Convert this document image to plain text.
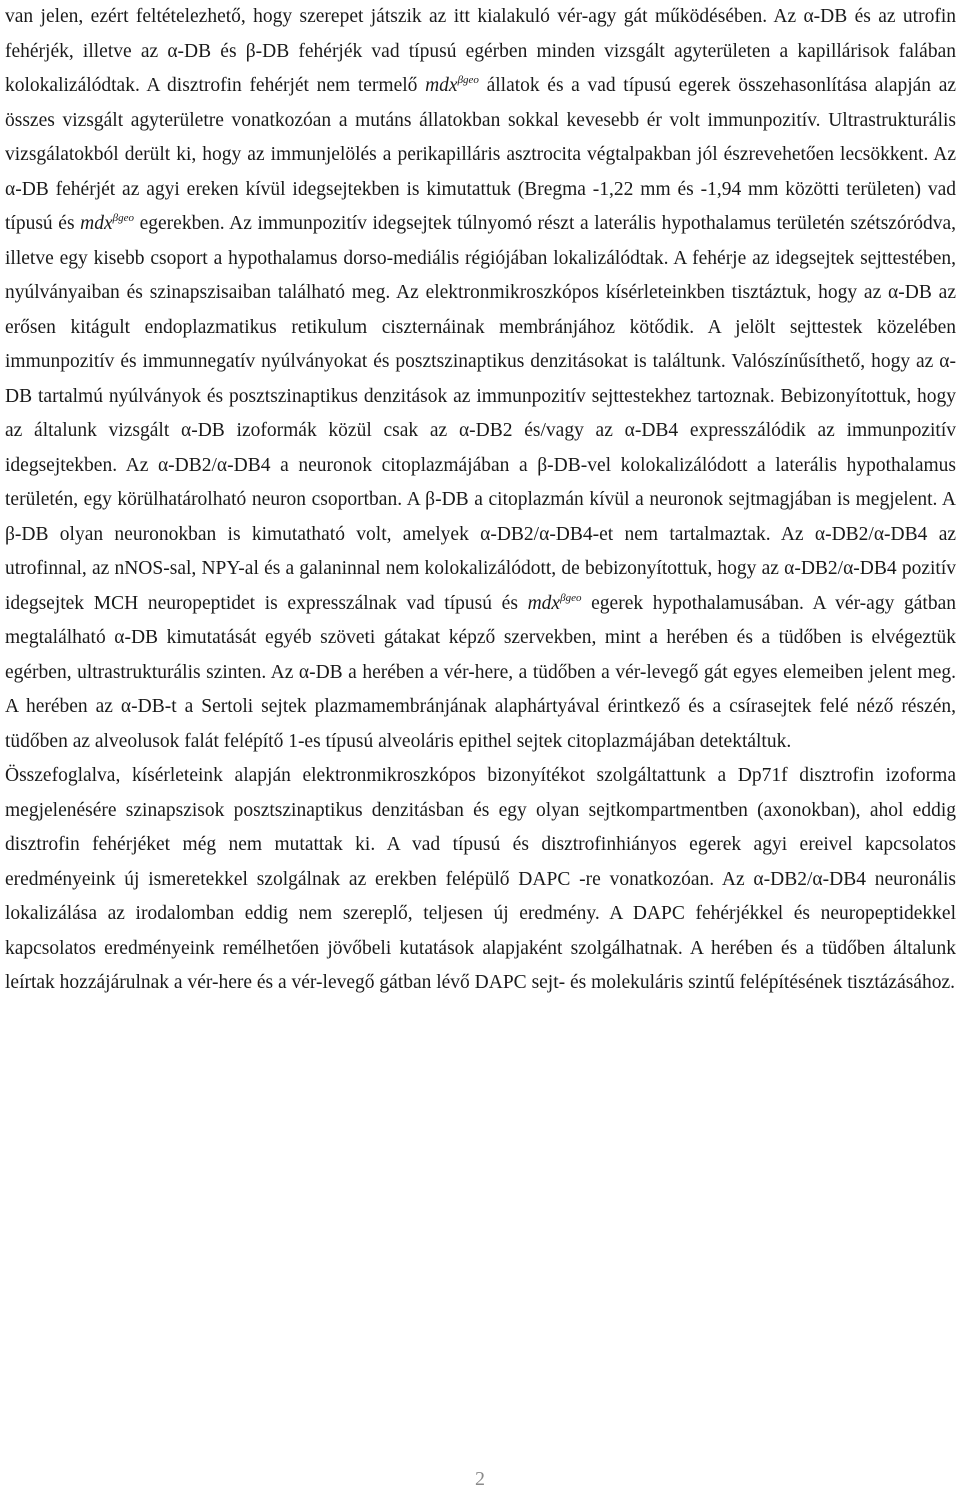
van jelen, ezért feltételezhető, hogy szerepet játszik az itt kialakuló vér-agy gát működésében. Az α-DB és az utrofin fehérjék, illetve az α-DB és β-DB fehérjék vad típusú egérben minden vizsgált agyterületen a kapillárisok falában kolokalizálódtak. A disztrofin fehérjét nem termelő mdx$^{\beta geo}$ állatok és a vad típusú egerek összehasonlítása alapján az összes vizsgált agyterületre vonatkozóan a mutáns állatokban sokkal kevesebb ér volt immunpozitív. Ultrastrukturális vizsgálatokból derült ki, hogy az immunjelölés a perikapilláris asztrocita végtalpakban jól észrevehetően lecsökkent. Az α-DB fehérjét az agyi ereken kívül idegsejtekben is kimutattuk (Bregma -1,22 mm és -1,94 mm közötti területen) vad típusú és mdx$^{\beta geo}$ egerekben. Az immunpozitív idegsejtek túlnyomó részt a laterális hypothalamus területén szétszóródva, illetve egy kisebb csoport a hypothalamus dorso-mediális régiójában lokalizálódtak. A fehérje az idegsejtek sejttestében, nyúlványaiban és szinapszisaiban található meg. Az elektronmikroszkópos kísérleteinkben tisztáztuk, hogy az α-DB az erősen kitágult endoplazmatikus retikulum ciszternáinak membránjához kötődik. A jelölt sejttestek közelében immunpozitív és immunnegatív nyúlványokat és posztszinaptikus denzitásokat is találtunk. Valószínűsíthető, hogy az α-DB tartalmú nyúlványok és posztszinaptikus denzitások az immunpozitív sejttestekhez tartoznak. Bebizonyítottuk, hogy az általunk vizsgált α-DB izoformák közül csak az α-DB2 és/vagy az α-DB4 expresszálódik az immunpozitív idegsejtekben. Az α-DB2/α-DB4 a neuronok citoplazmájában a β-DB-vel kolokalizálódott a laterális hypothalamus területén, egy körülhatárolható neuron csoportban. A β-DB a citoplazmán kívül a neuronok sejtmagjában is megjelent. A β-DB olyan neuronokban is kimutatható volt, amelyek α-DB2/α-DB4-et nem tartalmaztak. Az α-DB2/α-DB4 az utrofinnal, az nNOS-sal, NPY-al és a galaninnal nem kolokalizálódott, de bebizonyítottuk, hogy az α-DB2/α-DB4 pozitív idegsejtek MCH neuropeptidet is expresszálnak vad típusú és mdx$^{\beta geo}$ egerek hypothalamusában. A vér-agy gátban megtalálható α-DB kimutatását egyéb szöveti gátakat képző szervekben, mint a herében és a tüdőben is elvégeztük egérben, ultrastrukturális szinten. Az α-DB a herében a vér-here, a tüdőben a vér-levegő gát egyes elemeiben jelent meg. A herében az α-DB-t a Sertoli sejtek plazmamembránjának alaphártyával érintkező és a csírasejtek felé néző részén, tüdőben az alveolusok falát felépítő 1-es típusú alveoláris epithel sejtek citoplazmájában detektáltuk.

Összefoglalva, kísérleteink alapján elektronmikroszkópos bizonyítékot szolgáltattunk a Dp71f disztrofin izoforma megjelenésére szinapszisok posztszinaptikus denzitásban és egy olyan sejtkompartmentben (axonokban), ahol eddig disztrofin fehérjéket még nem mutattak ki. A vad típusú és disztrofinhiányos egerek agyi ereivel kapcsolatos eredményeink új ismeretekkel szolgálnak az erekben felépülő DAPC -re vonatkozóan. Az α-DB2/α-DB4 neuronális lokalizálása az irodalomban eddig nem szereplő, teljesen új eredmény. A DAPC fehérjékkel és neuropeptidekkel kapcsolatos eredményeink remélhetően jövőbeli kutatások alapjaként szolgálhatnak. A herében és a tüdőben általunk leírtak hozzájárulnak a vér-here és a vér-levegő gátban lévő DAPC sejt- és molekuláris szintű felépítésének tisztázásához.

2
